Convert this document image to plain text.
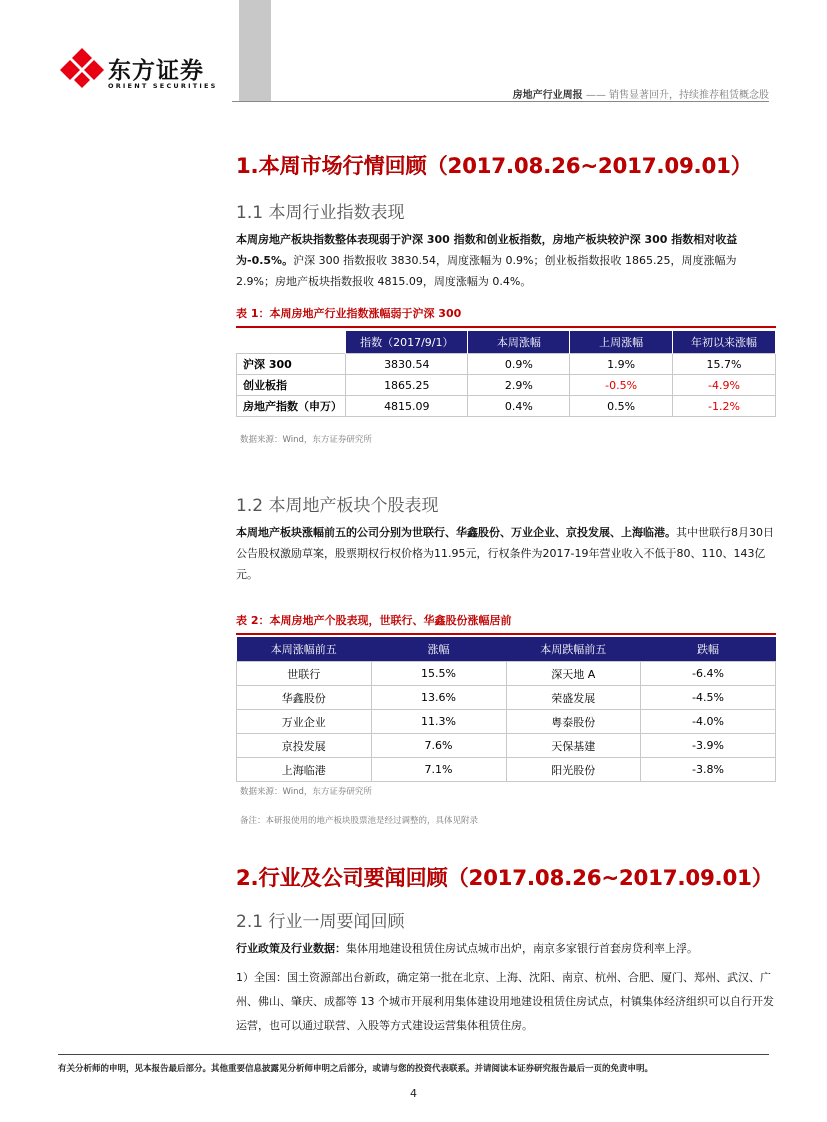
东方证券
ORIENT SECURITIES
房地产行业周报 —— 销售显著回升，持续推荐租赁概念股
1.本周市场行情回顾（2017.08.26~2017.09.01）
1.1 本周行业指数表现
本周房地产板块指数整体表现弱于沪深 300 指数和创业板指数，房地产板块较沪深 300 指数相对收益为-0.5%。沪深 300 指数报收 3830.54，周度涨幅为 0.9%；创业板指数报收 1865.25，周度涨幅为 2.9%；房地产板块指数报收 4815.09，周度涨幅为 0.4%。
表 1：本周房地产行业指数涨幅弱于沪深 300
	指数（2017/9/1）	本周涨幅	上周涨幅	年初以来涨幅
沪深 300	3830.54	0.9%	1.9%	15.7%
创业板指	1865.25	2.9%	-0.5%	-4.9%
房地产指数（申万）	4815.09	0.4%	0.5%	-1.2%
数据来源：Wind，东方证券研究所
1.2 本周地产板块个股表现
本周地产板块涨幅前五的公司分别为世联行、华鑫股份、万业企业、京投发展、上海临港。其中世联行8月30日公告股权激励草案，股票期权行权价格为11.95元，行权条件为2017-19年营业收入不低于80、110、143亿元。
表 2：本周房地产个股表现，世联行、华鑫股份涨幅居前
本周涨幅前五	涨幅	本周跌幅前五	跌幅
世联行	15.5%	深天地 A	-6.4%
华鑫股份	13.6%	荣盛发展	-4.5%
万业企业	11.3%	粤泰股份	-4.0%
京投发展	7.6%	天保基建	-3.9%
上海临港	7.1%	阳光股份	-3.8%
数据来源：Wind，东方证券研究所
备注：本研报使用的地产板块股票池是经过调整的，具体见附录
2.行业及公司要闻回顾（2017.08.26~2017.09.01）
2.1 行业一周要闻回顾
行业政策及行业数据：集体用地建设租赁住房试点城市出炉，南京多家银行首套房贷利率上浮。
1）全国：国土资源部出台新政，确定第一批在北京、上海、沈阳、南京、杭州、合肥、厦门、郑州、武汉、广州、佛山、肇庆、成都等 13 个城市开展利用集体建设用地建设租赁住房试点，村镇集体经济组织可以自行开发运营，也可以通过联营、入股等方式建设运营集体租赁住房。
有关分析师的申明，见本报告最后部分。其他重要信息披露见分析师申明之后部分，或请与您的投资代表联系。并请阅读本证券研究报告最后一页的免责申明。
4
